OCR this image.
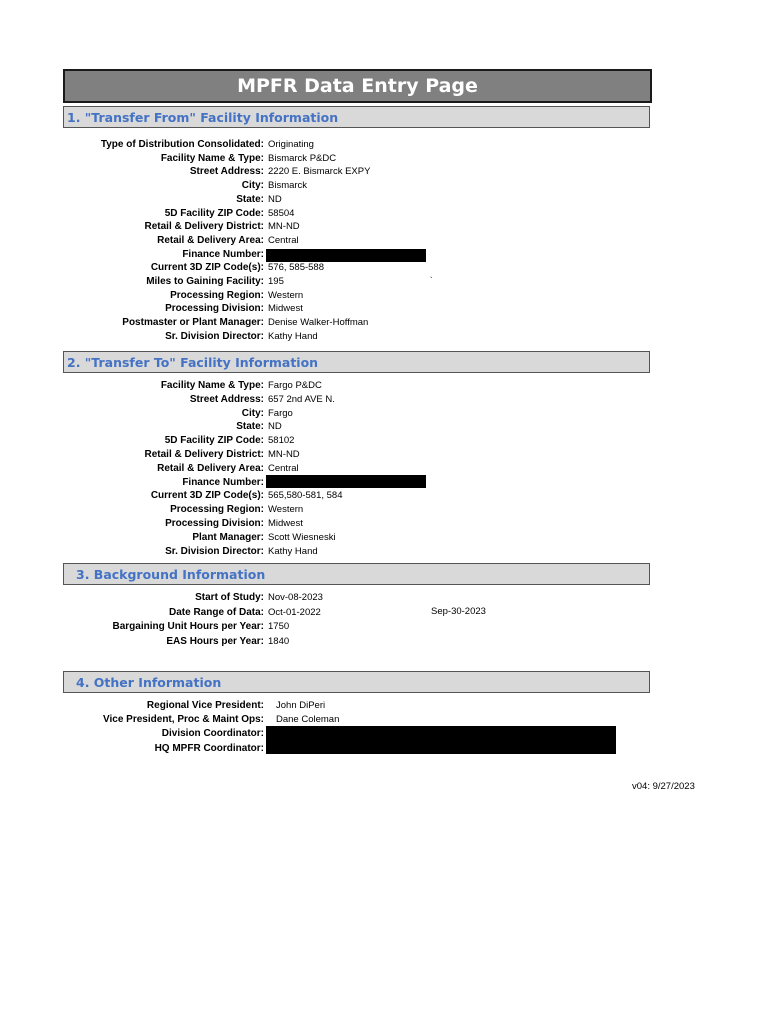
MPFR Data Entry Page
1. "Transfer From" Facility Information
Type of Distribution Consolidated: Originating
Facility Name & Type: Bismarck P&DC
Street Address: 2220 E. Bismarck EXPY
City: Bismarck
State: ND
5D Facility ZIP Code: 58504
Retail & Delivery District: MN-ND
Retail & Delivery Area: Central
Finance Number:
Current 3D ZIP Code(s): 576, 585-588
Miles to Gaining Facility: 195
Processing Region: Western
Processing Division: Midwest
Postmaster or Plant Manager: Denise Walker-Hoffman
Sr. Division Director: Kathy Hand
`
2. "Transfer To" Facility Information
Facility Name & Type: Fargo P&DC
Street Address: 657 2nd AVE N.
City: Fargo
State: ND
5D Facility ZIP Code: 58102
Retail & Delivery District: MN-ND
Retail & Delivery Area: Central
Finance Number:
Current 3D ZIP Code(s): 565,580-581, 584
Processing Region: Western
Processing Division: Midwest
Plant Manager: Scott Wiesneski
Sr. Division Director: Kathy Hand
3. Background Information
Start of Study: Nov-08-2023
Date Range of Data: Oct-01-2022
Bargaining Unit Hours per Year: 1750
EAS Hours per Year: 1840
Sep-30-2023
4. Other Information
Regional Vice President: John DiPeri
Vice President, Proc & Maint Ops: Dane Coleman
Division Coordinator:
HQ MPFR Coordinator:
v04: 9/27/2023
